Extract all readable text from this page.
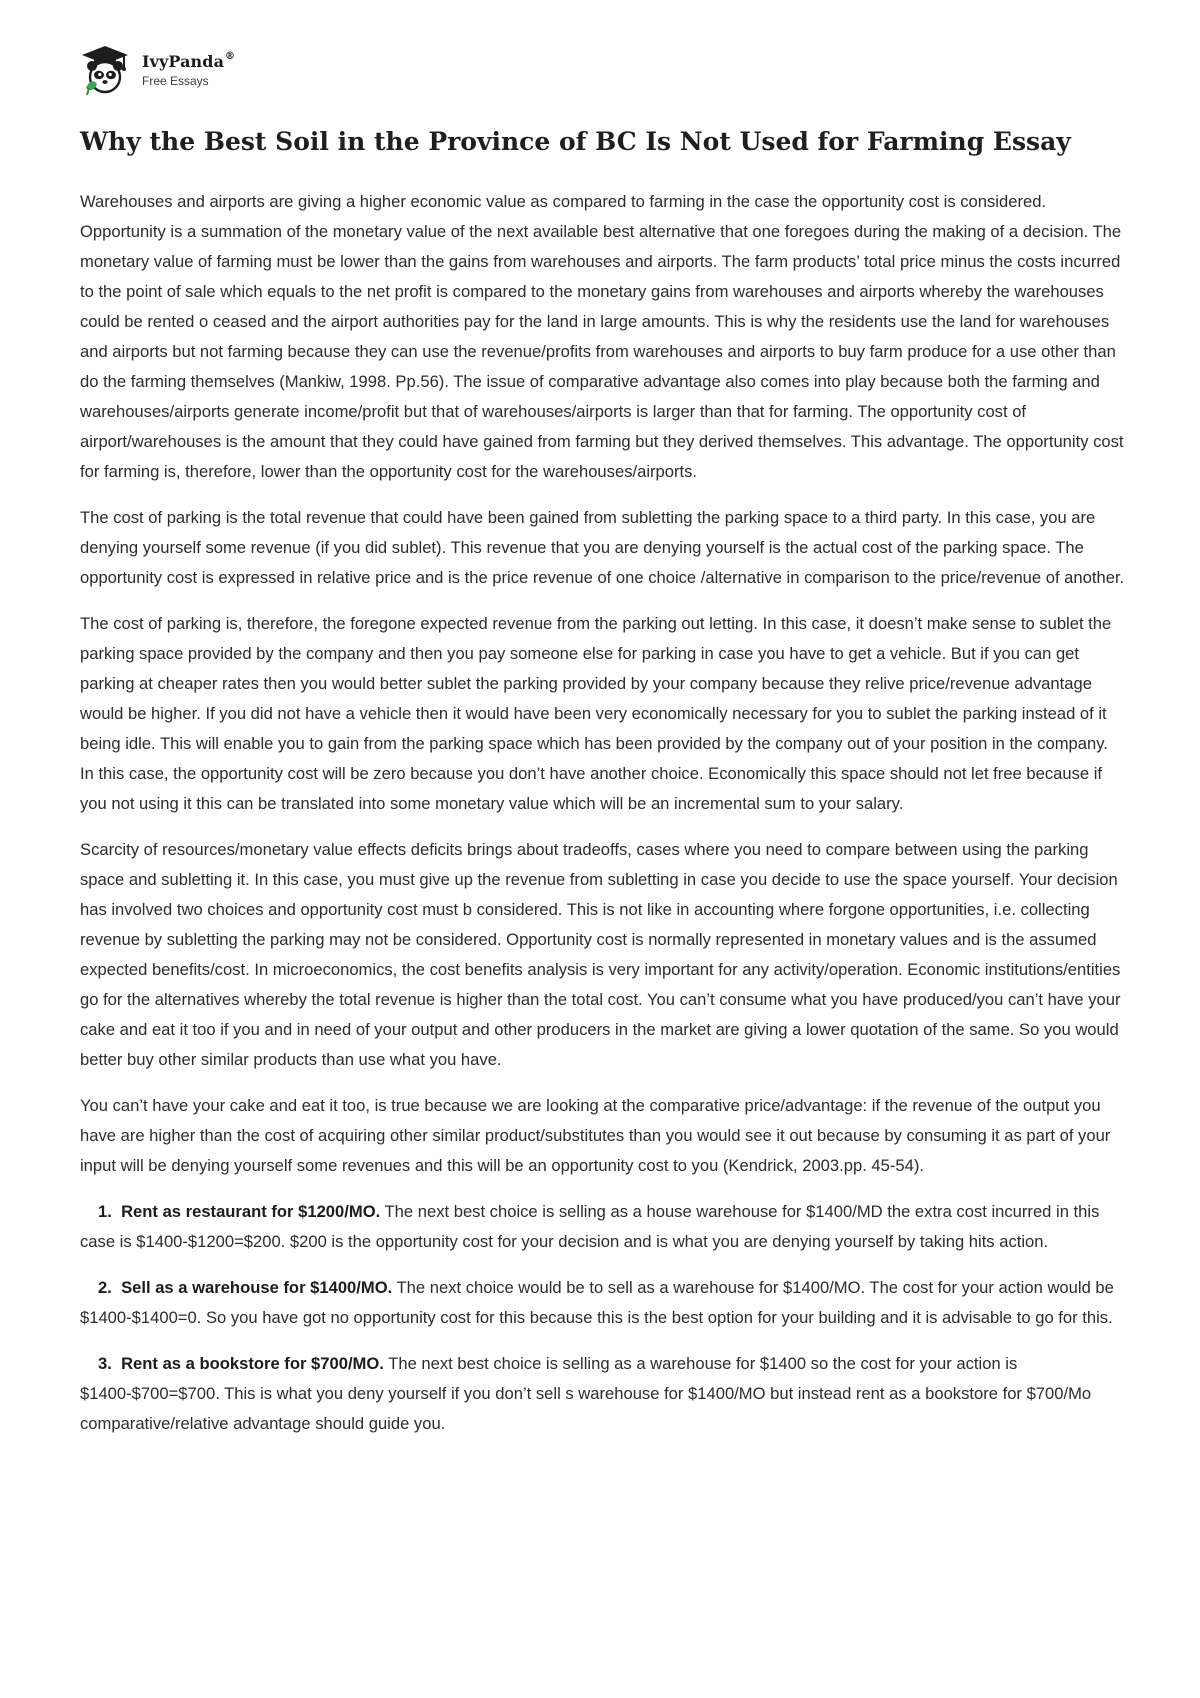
IvyPanda®
Free Essays
Why the Best Soil in the Province of BC Is Not Used for Farming Essay

Warehouses and airports are giving a higher economic value as compared to farming in the case the opportunity cost is considered. Opportunity is a summation of the monetary value of the next available best alternative that one foregoes during the making of a decision. The monetary value of farming must be lower than the gains from warehouses and airports. The farm products’ total price minus the costs incurred to the point of sale which equals to the net profit is compared to the monetary gains from warehouses and airports whereby the warehouses could be rented o ceased and the airport authorities pay for the land in large amounts. This is why the residents use the land for warehouses and airports but not farming because they can use the revenue/profits from warehouses and airports to buy farm produce for a use other than do the farming themselves (Mankiw, 1998. Pp.56). The issue of comparative advantage also comes into play because both the farming and warehouses/airports generate income/profit but that of warehouses/airports is larger than that for farming. The opportunity cost of airport/warehouses is the amount that they could have gained from farming but they derived themselves. This advantage. The opportunity cost for farming is, therefore, lower than the opportunity cost for the warehouses/airports.

The cost of parking is the total revenue that could have been gained from subletting the parking space to a third party. In this case, you are denying yourself some revenue (if you did sublet). This revenue that you are denying yourself is the actual cost of the parking space. The opportunity cost is expressed in relative price and is the price revenue of one choice /alternative in comparison to the price/revenue of another.

The cost of parking is, therefore, the foregone expected revenue from the parking out letting. In this case, it doesn’t make sense to sublet the parking space provided by the company and then you pay someone else for parking in case you have to get a vehicle. But if you can get parking at cheaper rates then you would better sublet the parking provided by your company because they relive price/revenue advantage would be higher. If you did not have a vehicle then it would have been very economically necessary for you to sublet the parking instead of it being idle. This will enable you to gain from the parking space which has been provided by the company out of your position in the company. In this case, the opportunity cost will be zero because you don’t have another choice. Economically this space should not let free because if you not using it this can be translated into some monetary value which will be an incremental sum to your salary.

Scarcity of resources/monetary value effects deficits brings about tradeoffs, cases where you need to compare between using the parking space and subletting it. In this case, you must give up the revenue from subletting in case you decide to use the space yourself. Your decision has involved two choices and opportunity cost must b considered. This is not like in accounting where forgone opportunities, i.e. collecting revenue by subletting the parking may not be considered. Opportunity cost is normally represented in monetary values and is the assumed expected benefits/cost. In microeconomics, the cost benefits analysis is very important for any activity/operation. Economic institutions/entities go for the alternatives whereby the total revenue is higher than the total cost. You can’t consume what you have produced/you can’t have your cake and eat it too if you and in need of your output and other producers in the market are giving a lower quotation of the same. So you would better buy other similar products than use what you have.

You can’t have your cake and eat it too, is true because we are looking at the comparative price/advantage: if the revenue of the output you have are higher than the cost of acquiring other similar product/substitutes than you would see it out because by consuming it as part of your input will be denying yourself some revenues and this will be an opportunity cost to you (Kendrick, 2003.pp. 45-54).

1. Rent as restaurant for $1200/MO. The next best choice is selling as a house warehouse for $1400/MD the extra cost incurred in this case is $1400-$1200=$200. $200 is the opportunity cost for your decision and is what you are denying yourself by taking hits action.

2. Sell as a warehouse for $1400/MO. The next choice would be to sell as a warehouse for $1400/MO. The cost for your action would be $1400-$1400=0. So you have got no opportunity cost for this because this is the best option for your building and it is advisable to go for this.

3. Rent as a bookstore for $700/MO. The next best choice is selling as a warehouse for $1400 so the cost for your action is $1400-$700=$700. This is what you deny yourself if you don’t sell s warehouse for $1400/MO but instead rent as a bookstore for $700/Mo comparative/relative advantage should guide you.
